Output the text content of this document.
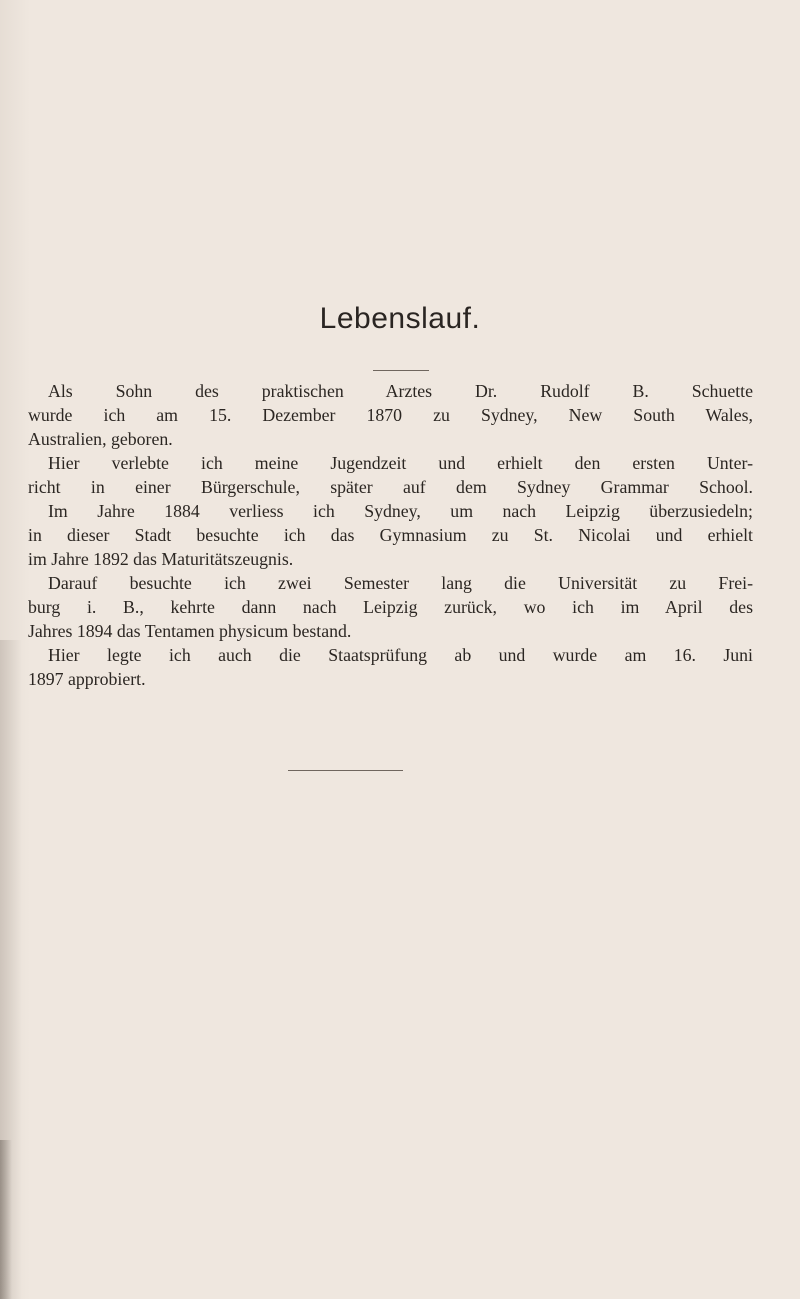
Lebenslauf.
Als Sohn des praktischen Arztes Dr. Rudolf B. Schuette
wurde ich am 15. Dezember 1870 zu Sydney, New South Wales,
Australien, geboren.
Hier verlebte ich meine Jugendzeit und erhielt den ersten Unter-
richt in einer Bürgerschule, später auf dem Sydney Grammar School.
Im Jahre 1884 verliess ich Sydney, um nach Leipzig überzusiedeln;
in dieser Stadt besuchte ich das Gymnasium zu St. Nicolai und erhielt
im Jahre 1892 das Maturitätszeugnis.
Darauf besuchte ich zwei Semester lang die Universität zu Frei-
burg i. B., kehrte dann nach Leipzig zurück, wo ich im April des
Jahres 1894 das Tentamen physicum bestand.
Hier legte ich auch die Staatsprüfung ab und wurde am 16. Juni
1897 approbiert.
